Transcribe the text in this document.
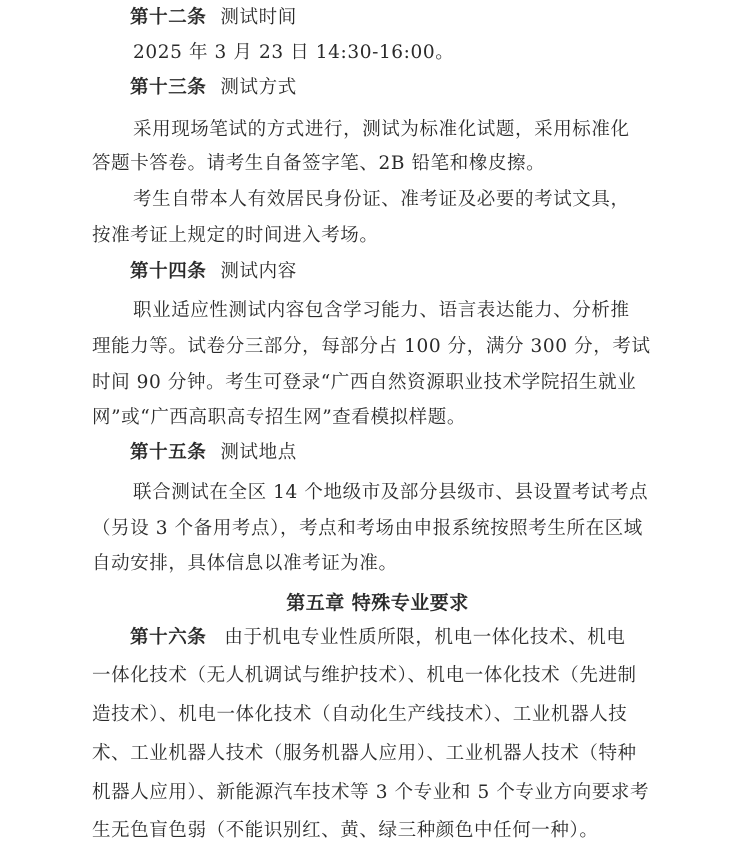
第十二条 测试时间
2025 年 3 月 23 日 14:30-16:00。
第十三条 测试方式
采用现场笔试的方式进行，测试为标准化试题，采用标准化
答题卡答卷。请考生自备签字笔、2B 铅笔和橡皮擦。
考生自带本人有效居民身份证、准考证及必要的考试文具，
按准考证上规定的时间进入考场。
第十四条 测试内容
职业适应性测试内容包含学习能力、语言表达能力、分析推
理能力等。试卷分三部分，每部分占 100 分，满分 300 分，考试
时间 90 分钟。考生可登录“广西自然资源职业技术学院招生就业
网”或“广西高职高专招生网”查看模拟样题。
第十五条 测试地点
联合测试在全区 14 个地级市及部分县级市、县设置考试考点
（另设 3 个备用考点），考点和考场由申报系统按照考生所在区域
自动安排，具体信息以准考证为准。
第五章 特殊专业要求
第十六条 由于机电专业性质所限，机电一体化技术、机电
一体化技术（无人机调试与维护技术）、机电一体化技术（先进制
造技术）、机电一体化技术（自动化生产线技术）、工业机器人技
术、工业机器人技术（服务机器人应用）、工业机器人技术（特种
机器人应用）、新能源汽车技术等 3 个专业和 5 个专业方向要求考
生无色盲色弱（不能识别红、黄、绿三种颜色中任何一种）。
